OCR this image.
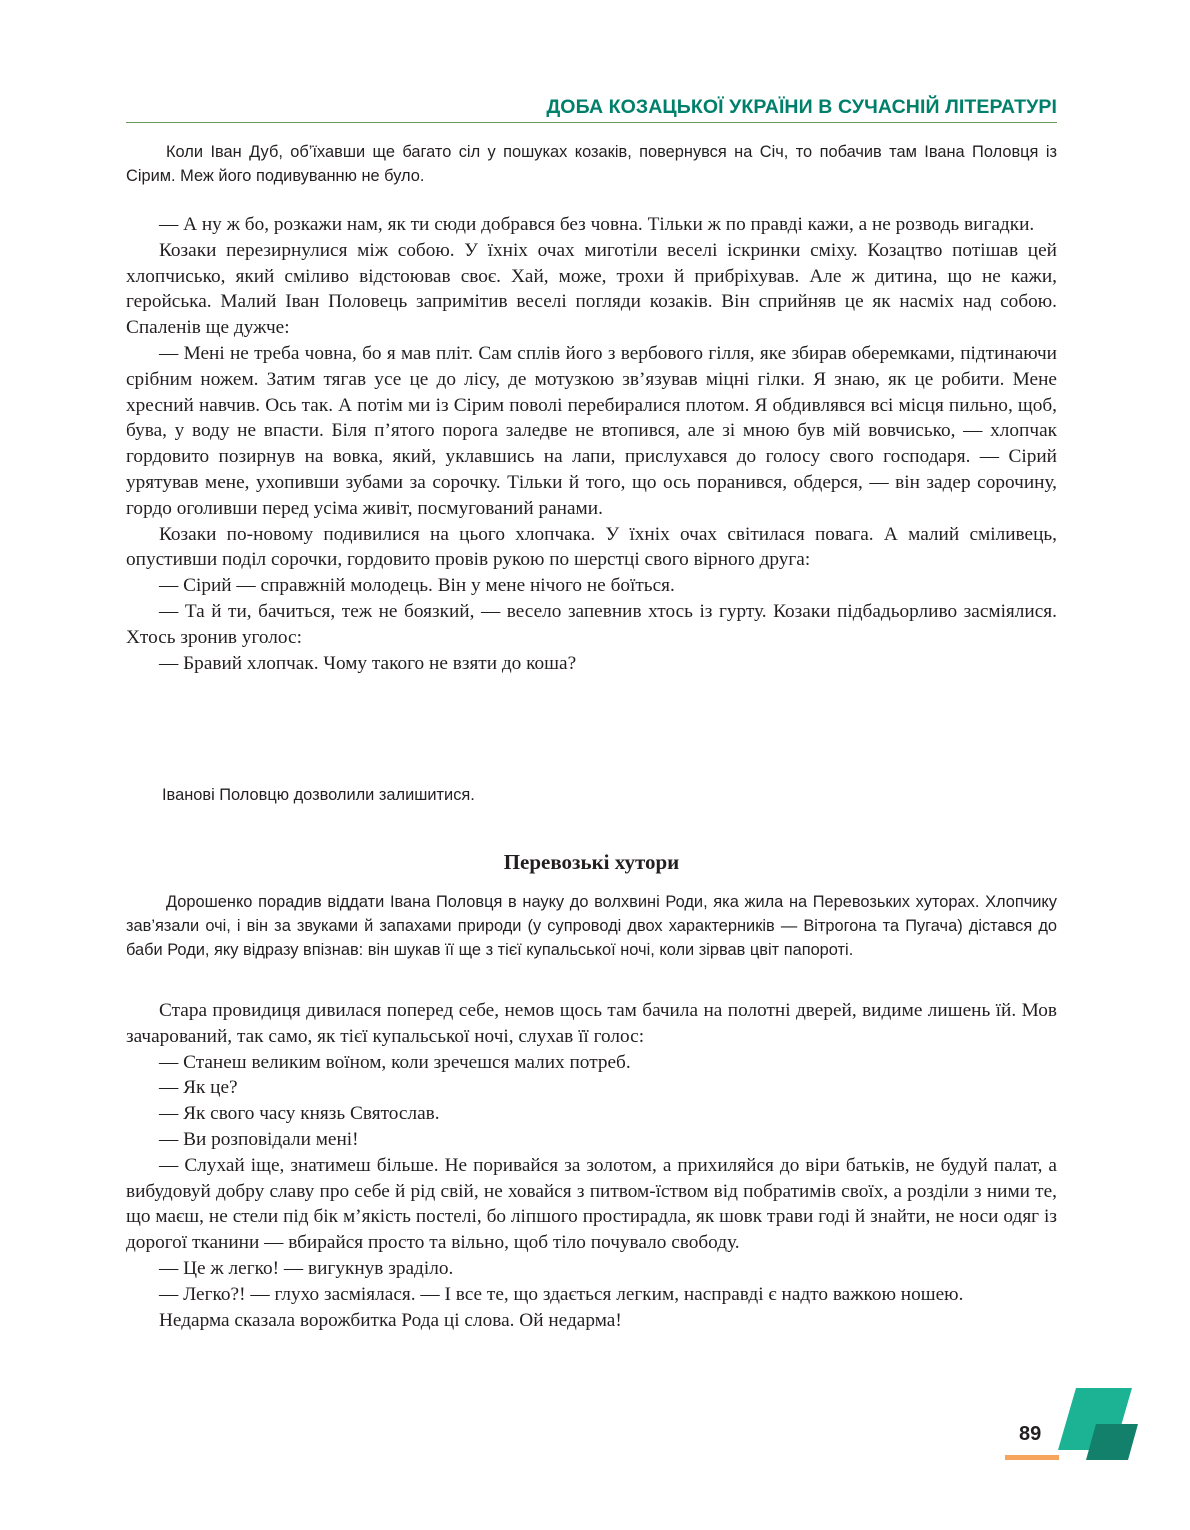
ДОБА КОЗАЦЬКОЇ УКРАЇНИ В СУЧАСНІЙ ЛІТЕРАТУРІ
Коли Іван Дуб, об’їхавши ще багато сіл у пошуках козаків, повернувся на Січ, то побачив там Івана Половця із Сірим. Меж його подивуванню не було.

— А ну ж бо, розкажи нам, як ти сюди добрався без човна. Тільки ж по правді кажи, а не розводь вигадки.

Козаки перезирнулися між собою. У їхніх очах миготіли веселі іскринки сміху. Козацтво потішав цей хлопчисько, який сміливо відстоював своє. Хай, може, трохи й прибріхував. Але ж дитина, що не кажи, геройська. Малий Іван Половець запримітив веселі погляди козаків. Він сприйняв це як насміх над собою. Спаленів ще дужче:

— Мені не треба човна, бо я мав пліт. Сам сплів його з вербового гілля, яке збирав оберемками, підтинаючи срібним ножем. Затим тягав усе це до лісу, де мотузкою зв’язував міцні гілки. Я знаю, як це робити. Мене хресний навчив. Ось так. А потім ми із Сірим поволі перебиралися плотом. Я обдивлявся всі місця пильно, щоб, бува, у воду не впасти. Біля п’ятого порога заледве не втопився, але зі мною був мій вовчисько, — хлопчак гордовито позирнув на вовка, який, уклавшись на лапи, прислухався до голосу свого господаря. — Сірий урятував мене, ухопивши зубами за сорочку. Тільки й того, що ось поранився, обдерся, — він задер сорочину, гордо оголивши перед усіма живіт, посмугований ранами.

Козаки по-новому подивилися на цього хлопчака. У їхніх очах світилася повага. А малий сміливець, опустивши поділ сорочки, гордовито провів рукою по шерстці свого вірного друга:

— Сірий — справжній молодець. Він у мене нічого не боїться.

— Та й ти, бачиться, теж не боязкий, — весело запевнив хтось із гурту. Козаки підбадьорливо засміялися. Хтось зронив уголос:

— Бравий хлопчак. Чому такого не взяти до коша?

Іванові Половцю дозволили залишитися.
Перевозькі хутори
Дорошенко порадив віддати Івана Половця в науку до волхвині Роди, яка жила на Перевозьких хуторах. Хлопчику зав’язали очі, і він за звуками й запахами природи (у супроводі двох характерників — Вітрогона та Пугача) дістався до баби Роди, яку відразу впізнав: він шукав її ще з тієї купальської ночі, коли зірвав цвіт папороті.

Стара провидиця дивилася поперед себе, немов щось там бачила на полотні дверей, видиме лишень їй. Мов зачарований, так само, як тієї купальської ночі, слухав її голос:

— Станеш великим воїном, коли зречешся малих потреб.

— Як це?

— Як свого часу князь Святослав.

— Ви розповідали мені!

— Слухай іще, знатимеш більше. Не поривайся за золотом, а прихиляйся до віри батьків, не будуй палат, а вибудовуй добру славу про себе й рід свій, не ховайся з питвом-їством від побратимів своїх, а розділи з ними те, що маєш, не стели під бік м’якість постелі, бо ліпшого простирадла, як шовк трави годі й знайти, не носи одяг із дорогої тканини — вбирайся просто та вільно, щоб тіло почувало свободу.

— Це ж легко! — вигукнув зраділо.

— Легко?! — глухо засміялася. — І все те, що здається легким, насправді є надто важкою ношею.

Недарма сказала ворожбитка Рода ці слова. Ой недарма!

89
